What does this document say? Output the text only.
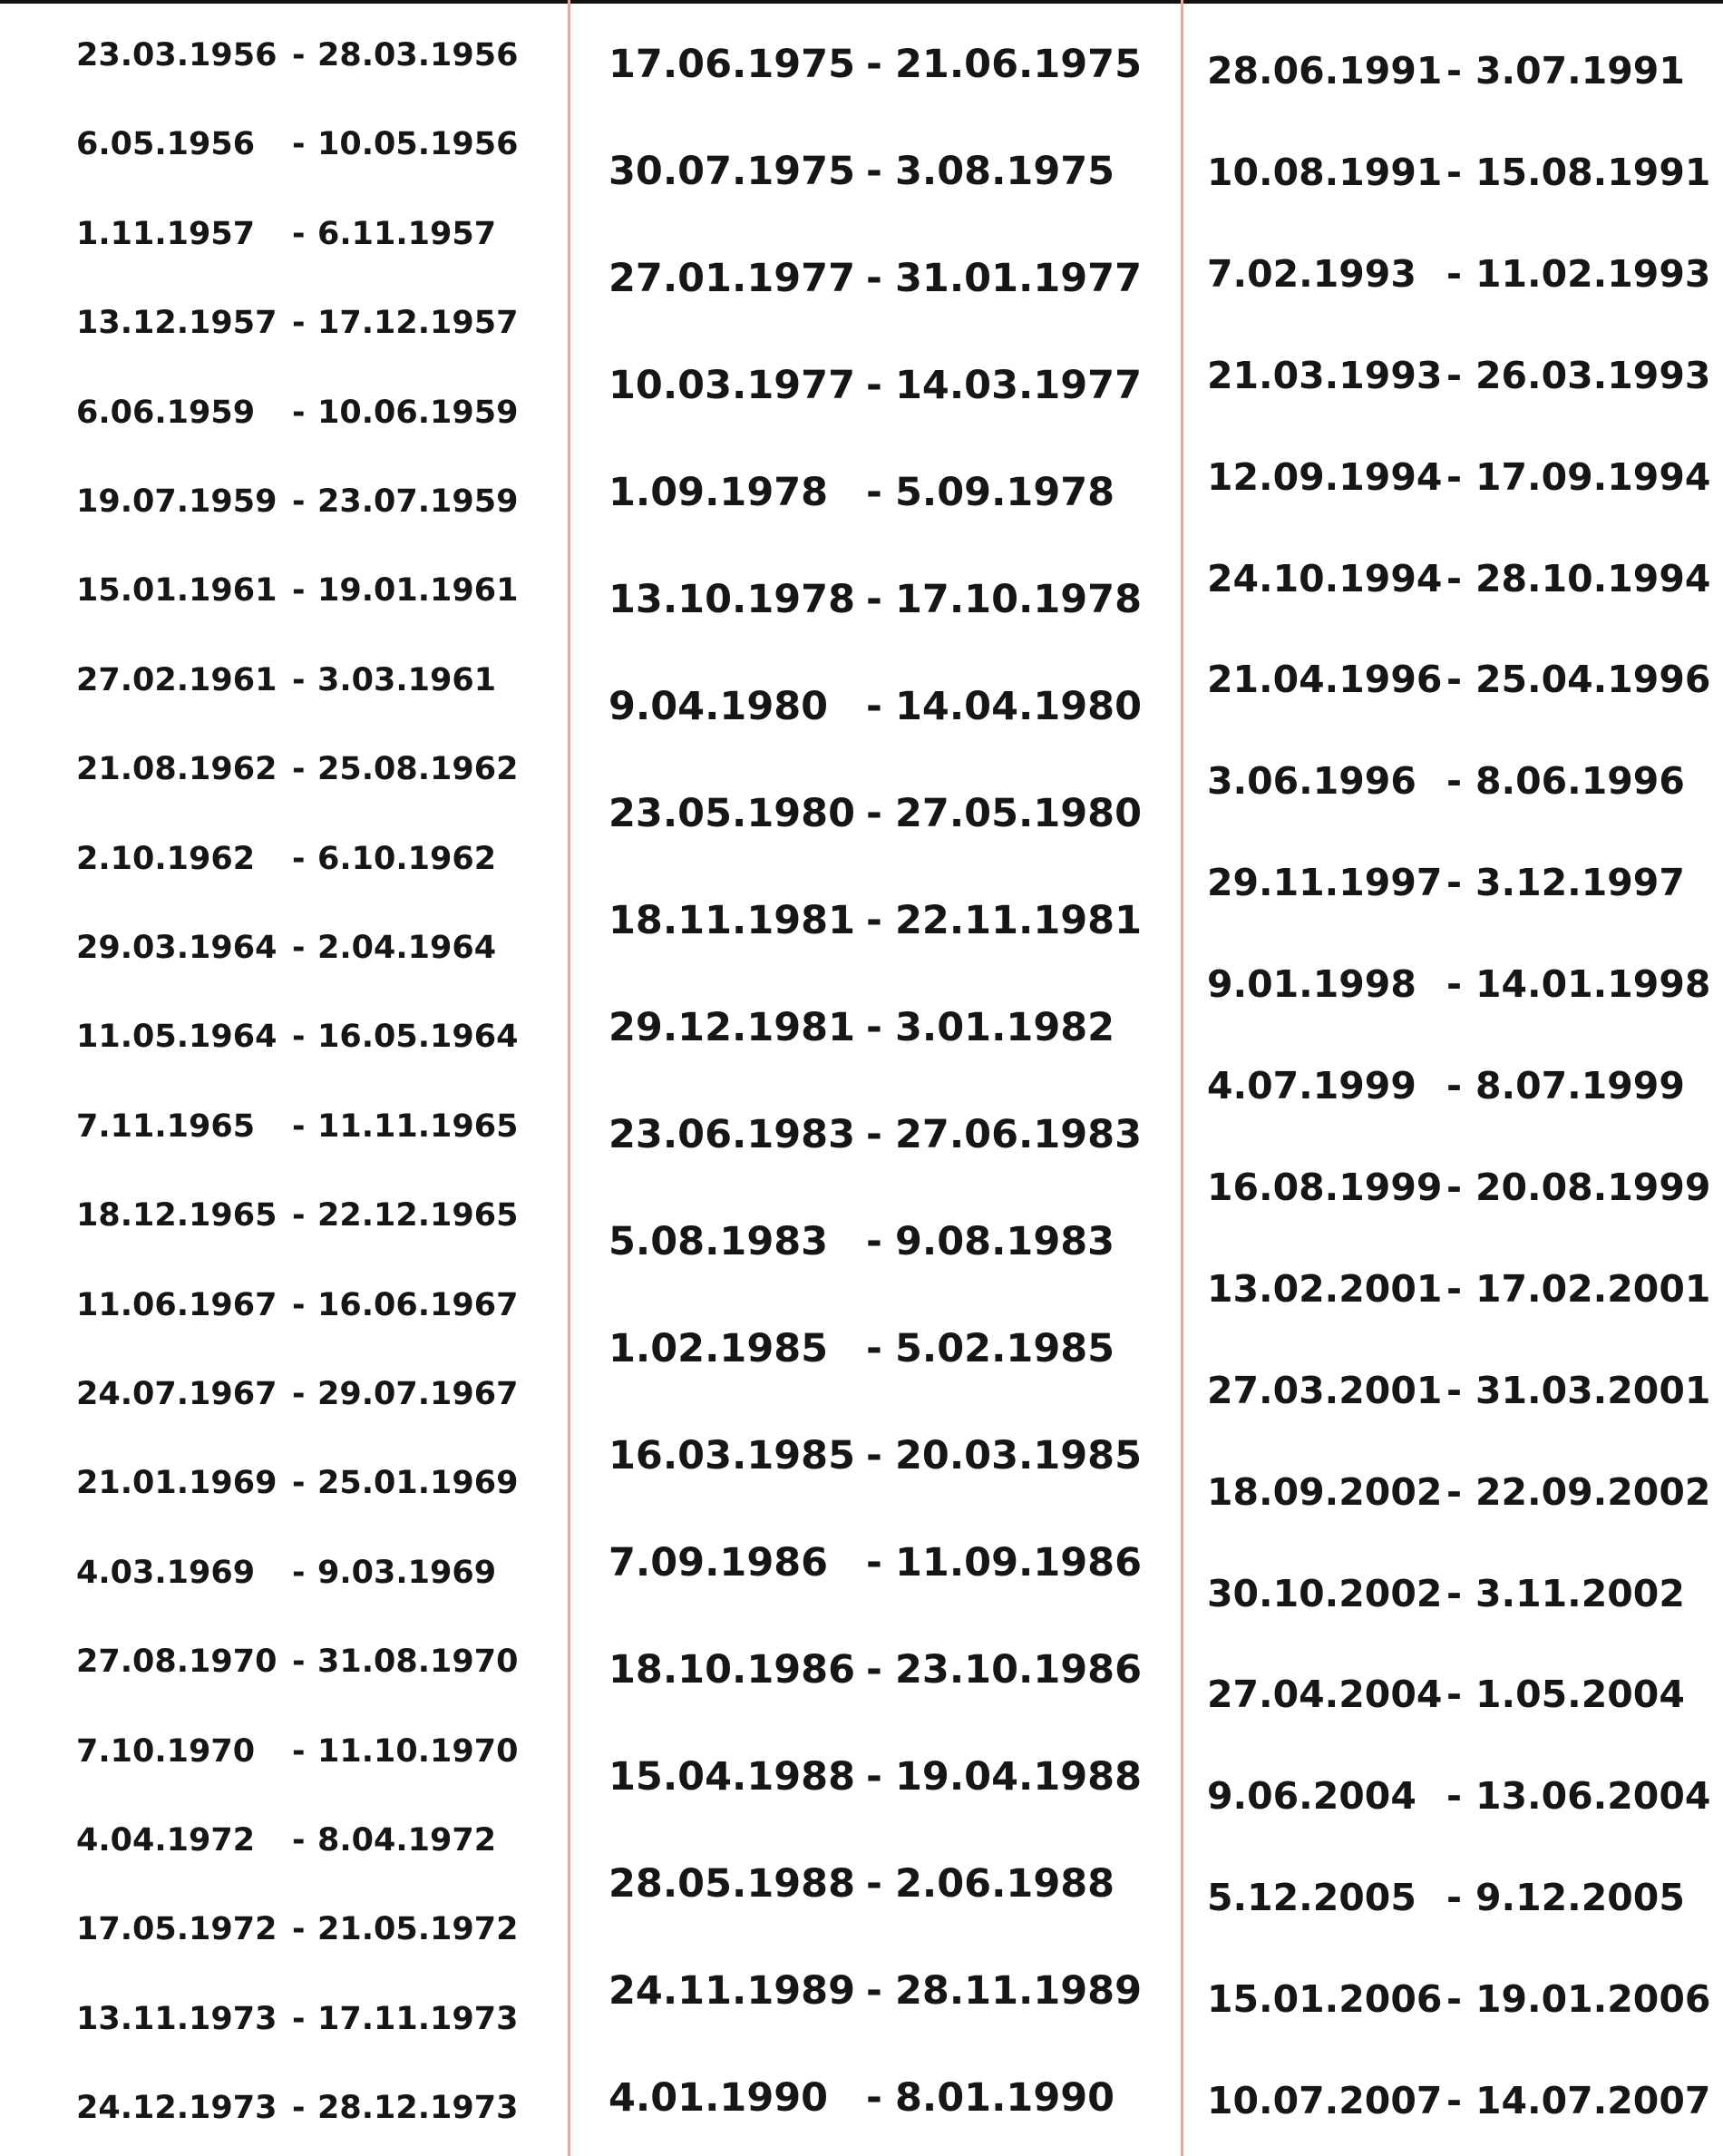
23.03.1956 - 28.03.1956
6.05.1956 - 10.05.1956
1.11.1957 - 6.11.1957
13.12.1957 - 17.12.1957
6.06.1959 - 10.06.1959
19.07.1959 - 23.07.1959
15.01.1961 - 19.01.1961
27.02.1961 - 3.03.1961
21.08.1962 - 25.08.1962
2.10.1962 - 6.10.1962
29.03.1964 - 2.04.1964
11.05.1964 - 16.05.1964
7.11.1965 - 11.11.1965
18.12.1965 - 22.12.1965
11.06.1967 - 16.06.1967
24.07.1967 - 29.07.1967
21.01.1969 - 25.01.1969
4.03.1969 - 9.03.1969
27.08.1970 - 31.08.1970
7.10.1970 - 11.10.1970
4.04.1972 - 8.04.1972
17.05.1972 - 21.05.1972
13.11.1973 - 17.11.1973
24.12.1973 - 28.12.1973
17.06.1975 - 21.06.1975
30.07.1975 - 3.08.1975
27.01.1977 - 31.01.1977
10.03.1977 - 14.03.1977
1.09.1978 - 5.09.1978
13.10.1978 - 17.10.1978
9.04.1980 - 14.04.1980
23.05.1980 - 27.05.1980
18.11.1981 - 22.11.1981
29.12.1981 - 3.01.1982
23.06.1983 - 27.06.1983
5.08.1983 - 9.08.1983
1.02.1985 - 5.02.1985
16.03.1985 - 20.03.1985
7.09.1986 - 11.09.1986
18.10.1986 - 23.10.1986
15.04.1988 - 19.04.1988
28.05.1988 - 2.06.1988
24.11.1989 - 28.11.1989
4.01.1990 - 8.01.1990
28.06.1991 - 3.07.1991
10.08.1991 - 15.08.1991
7.02.1993 - 11.02.1993
21.03.1993 - 26.03.1993
12.09.1994 - 17.09.1994
24.10.1994 - 28.10.1994
21.04.1996 - 25.04.1996
3.06.1996 - 8.06.1996
29.11.1997 - 3.12.1997
9.01.1998 - 14.01.1998
4.07.1999 - 8.07.1999
16.08.1999 - 20.08.1999
13.02.2001 - 17.02.2001
27.03.2001 - 31.03.2001
18.09.2002 - 22.09.2002
30.10.2002 - 3.11.2002
27.04.2004 - 1.05.2004
9.06.2004 - 13.06.2004
5.12.2005 - 9.12.2005
15.01.2006 - 19.01.2006
10.07.2007 - 14.07.2007
